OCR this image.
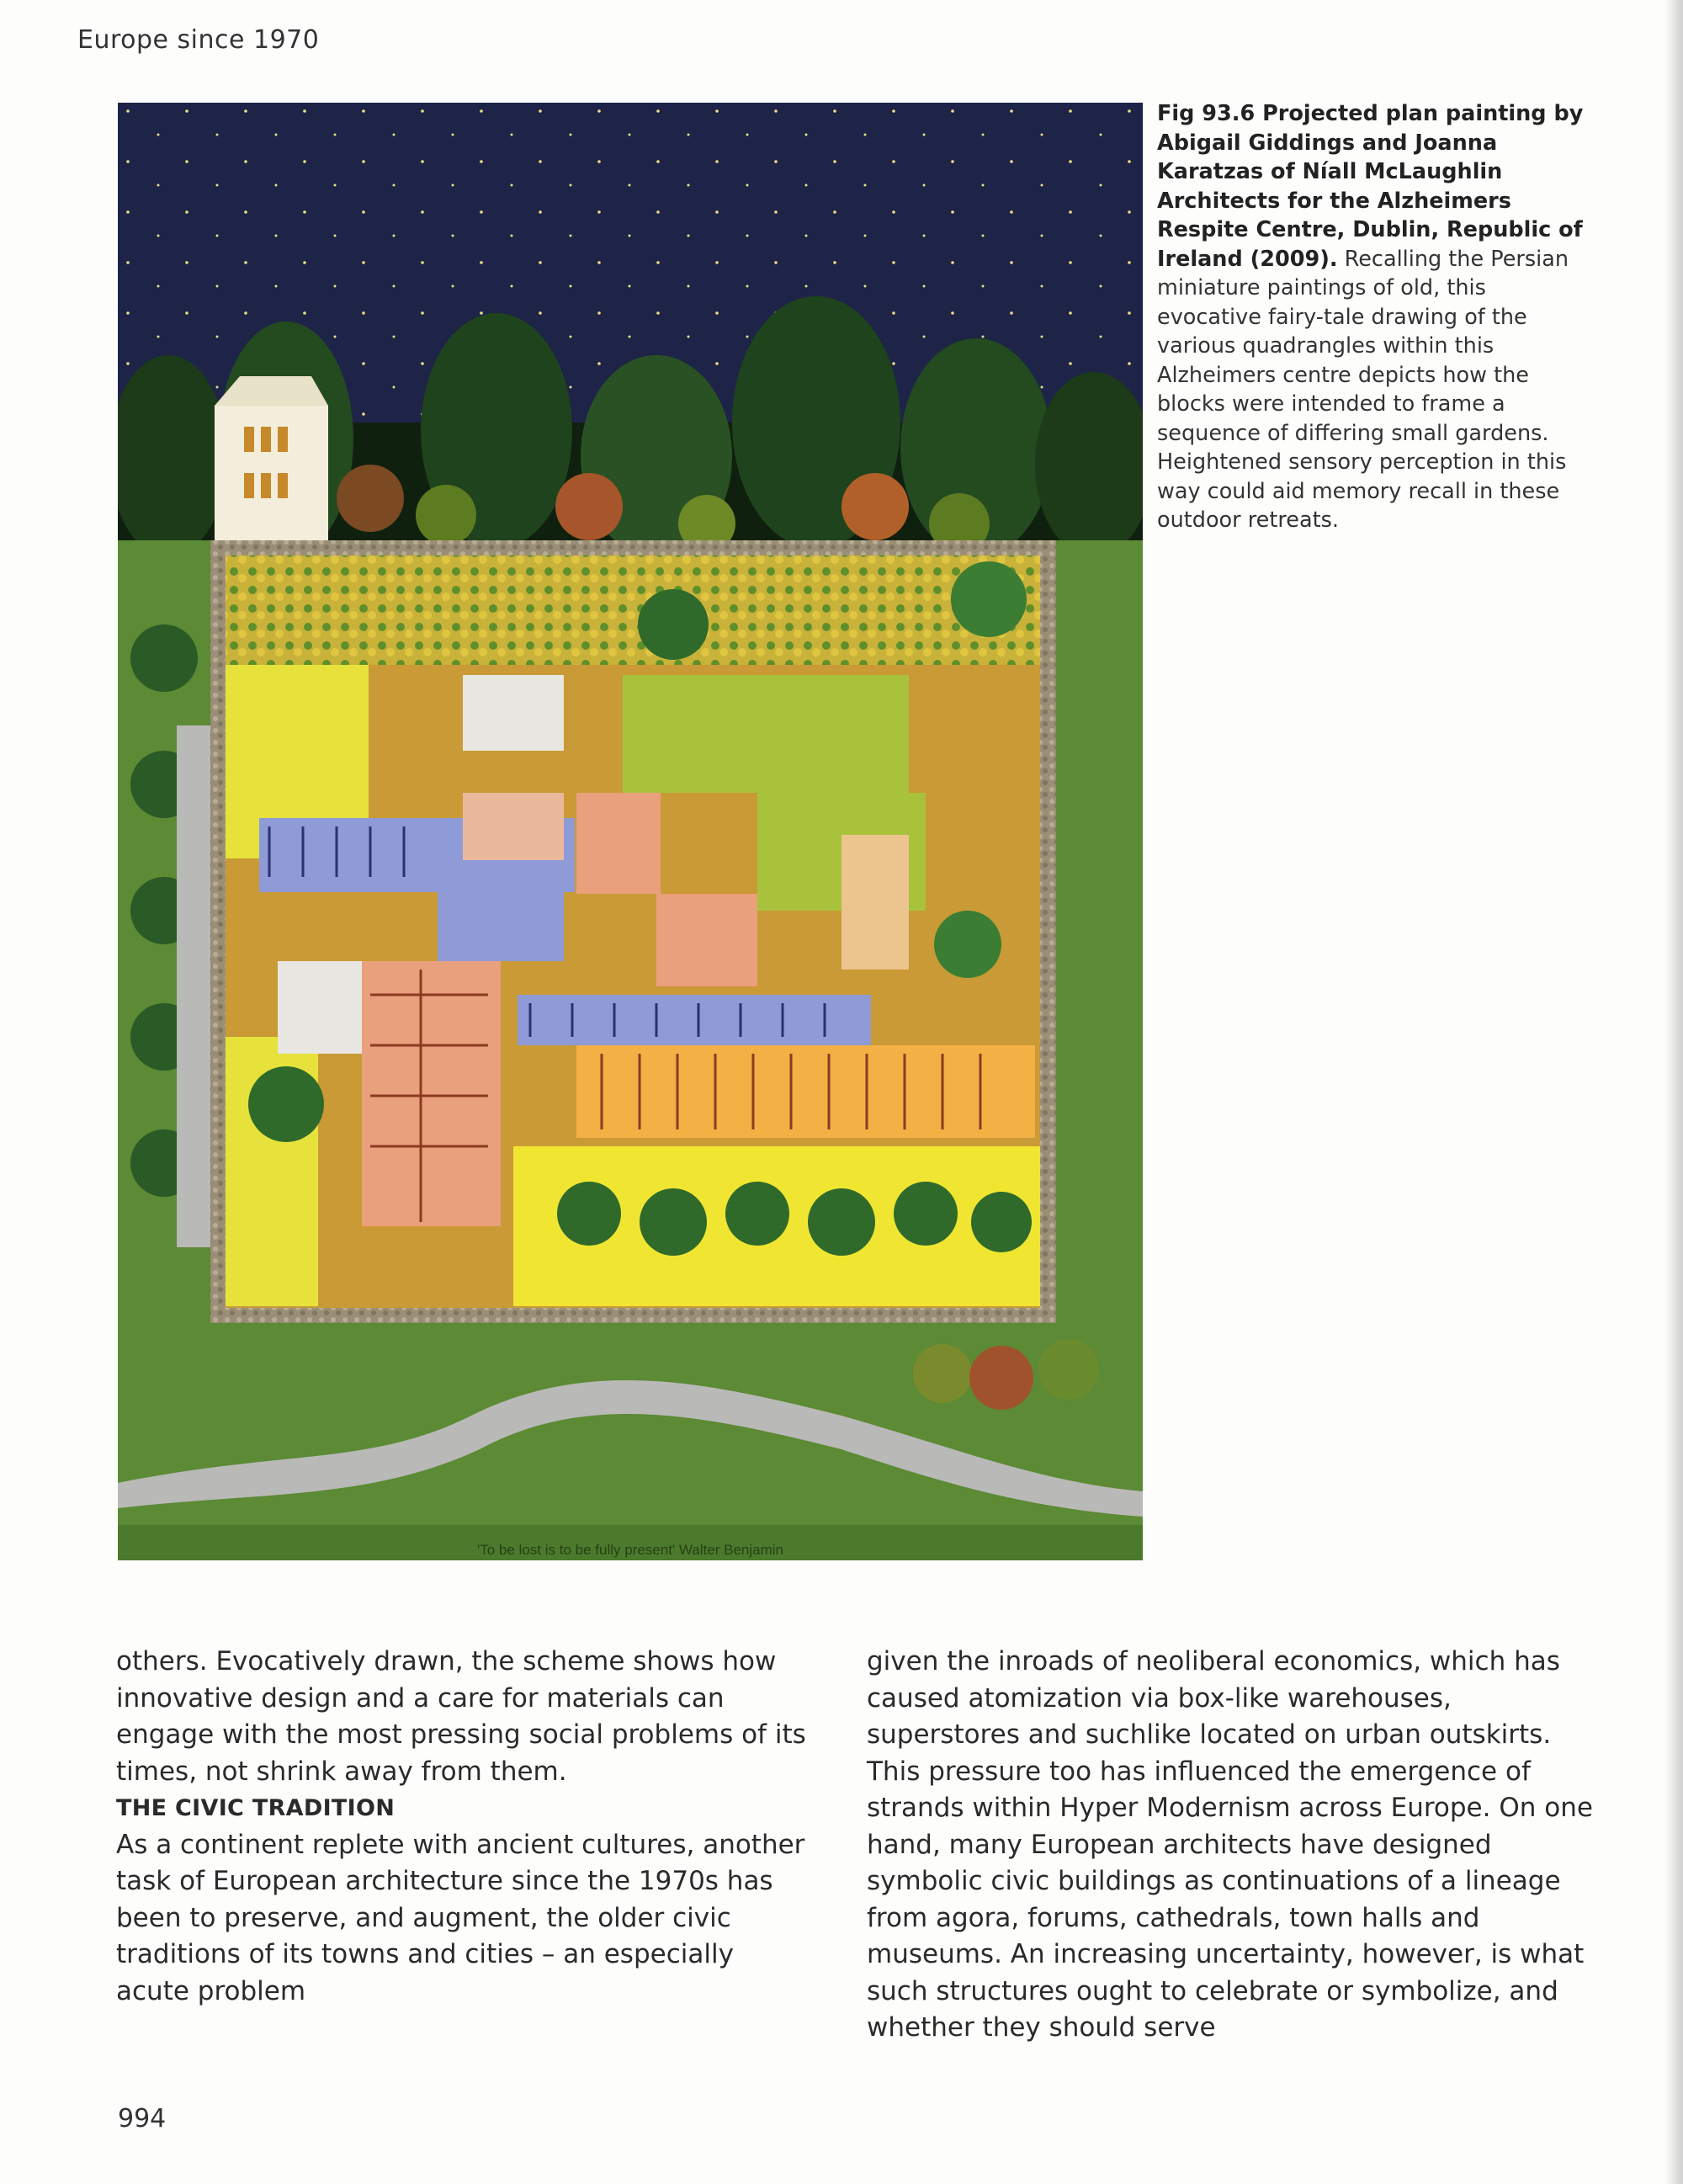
Europe since 1970
'To be lost is to be fully present' Walter Benjamin
Fig 93.6 Projected plan painting by Abigail Giddings and Joanna Karatzas of Níall McLaughlin Architects for the Alzheimers Respite Centre, Dublin, Republic of Ireland (2009). Recalling the Persian miniature paintings of old, this evocative fairy-tale drawing of the various quadrangles within this Alzheimers centre depicts how the blocks were intended to frame a sequence of differing small gardens. Heightened sensory perception in this way could aid memory recall in these outdoor retreats.

others. Evocatively drawn, the scheme shows how innovative design and a care for materials can engage with the most pressing social problems of its times, not shrink away from them.

THE CIVIC TRADITION

As a continent replete with ancient cultures, another task of European architecture since the 1970s has been to preserve, and augment, the older civic traditions of its towns and cities – an especially acute problem

given the inroads of neoliberal economics, which has caused atomization via box-like warehouses, superstores and suchlike located on urban outskirts. This pressure too has influenced the emergence of strands within Hyper Modernism across Europe. On one hand, many European architects have designed symbolic civic buildings as continuations of a lineage from agora, forums, cathedrals, town halls and museums. An increasing uncertainty, however, is what such structures ought to celebrate or symbolize, and whether they should serve

994
